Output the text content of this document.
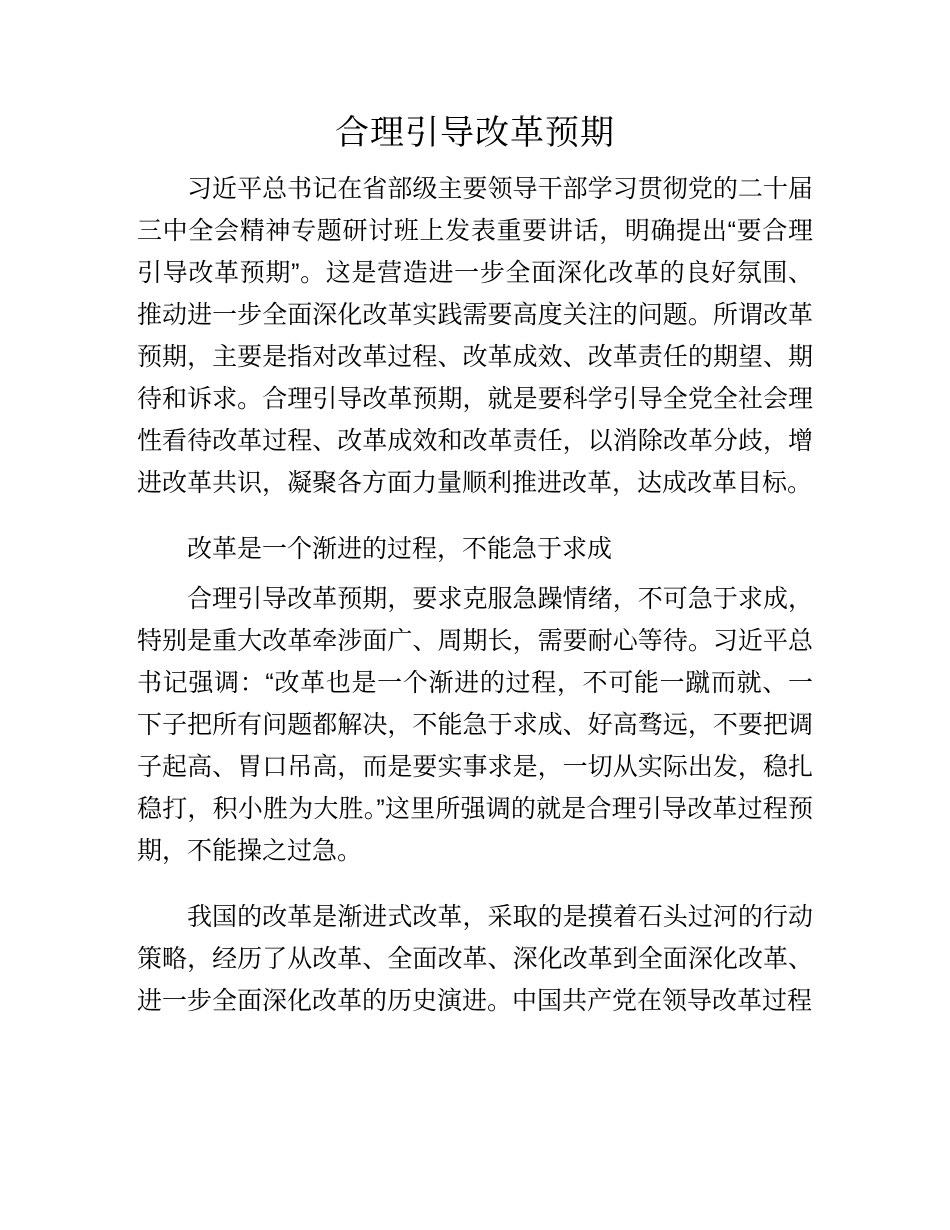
合理引导改革预期

习近平总书记在省部级主要领导干部学习贯彻党的二十届三中全会精神专题研讨班上发表重要讲话，明确提出“要合理引导改革预期”。这是营造进一步全面深化改革的良好氛围、推动进一步全面深化改革实践需要高度关注的问题。所谓改革预期，主要是指对改革过程、改革成效、改革责任的期望、期待和诉求。合理引导改革预期，就是要科学引导全党全社会理性看待改革过程、改革成效和改革责任，以消除改革分歧，增进改革共识，凝聚各方面力量顺利推进改革，达成改革目标。

改革是一个渐进的过程，不能急于求成

合理引导改革预期，要求克服急躁情绪，不可急于求成，特别是重大改革牵涉面广、周期长，需要耐心等待。习近平总书记强调：“改革也是一个渐进的过程，不可能一蹴而就、一下子把所有问题都解决，不能急于求成、好高骛远，不要把调子起高、胃口吊高，而是要实事求是，一切从实际出发，稳扎稳打，积小胜为大胜。”这里所强调的就是合理引导改革过程预期，不能操之过急。

我国的改革是渐进式改革，采取的是摸着石头过河的行动策略，经历了从改革、全面改革、深化改革到全面深化改革、进一步全面深化改革的历史演进。中国共产党在领导改革过程
